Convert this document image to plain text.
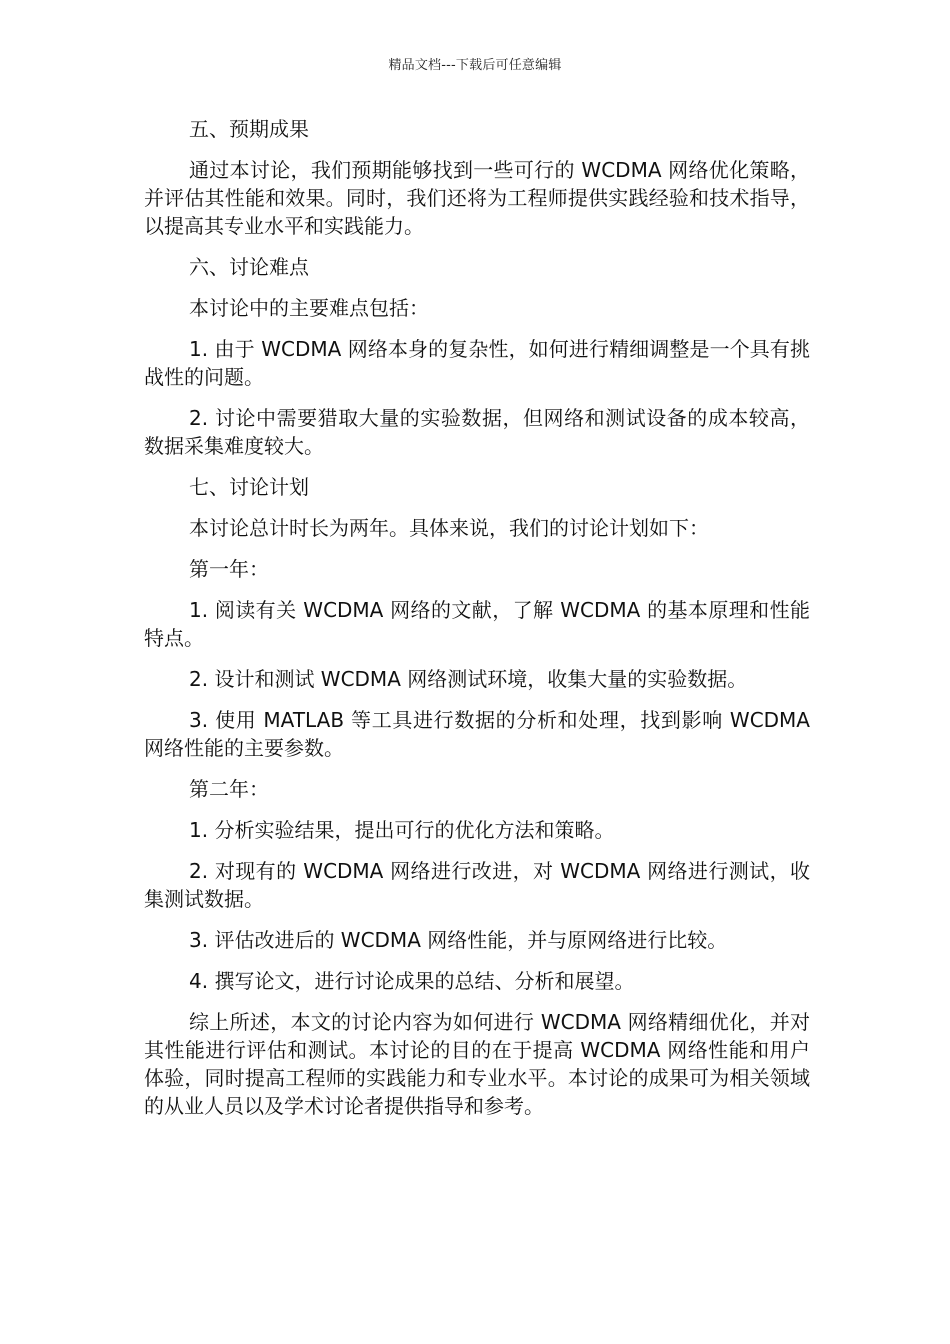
精品文档---下载后可任意编辑

五、预期成果

通过本讨论，我们预期能够找到一些可行的 WCDMA 网络优化策略，并评估其性能和效果。同时，我们还将为工程师提供实践经验和技术指导，以提高其专业水平和实践能力。

六、讨论难点

本讨论中的主要难点包括：

1. 由于 WCDMA 网络本身的复杂性，如何进行精细调整是一个具有挑战性的问题。

2. 讨论中需要猎取大量的实验数据，但网络和测试设备的成本较高，数据采集难度较大。

七、讨论计划

本讨论总计时长为两年。具体来说，我们的讨论计划如下：

第一年：

1. 阅读有关 WCDMA 网络的文献，了解 WCDMA 的基本原理和性能特点。

2. 设计和测试 WCDMA 网络测试环境，收集大量的实验数据。

3. 使用 MATLAB 等工具进行数据的分析和处理，找到影响 WCDMA 网络性能的主要参数。

第二年：

1. 分析实验结果，提出可行的优化方法和策略。

2. 对现有的 WCDMA 网络进行改进，对 WCDMA 网络进行测试，收集测试数据。

3. 评估改进后的 WCDMA 网络性能，并与原网络进行比较。

4. 撰写论文，进行讨论成果的总结、分析和展望。

综上所述，本文的讨论内容为如何进行 WCDMA 网络精细优化，并对其性能进行评估和测试。本讨论的目的在于提高 WCDMA 网络性能和用户体验，同时提高工程师的实践能力和专业水平。本讨论的成果可为相关领域的从业人员以及学术讨论者提供指导和参考。
